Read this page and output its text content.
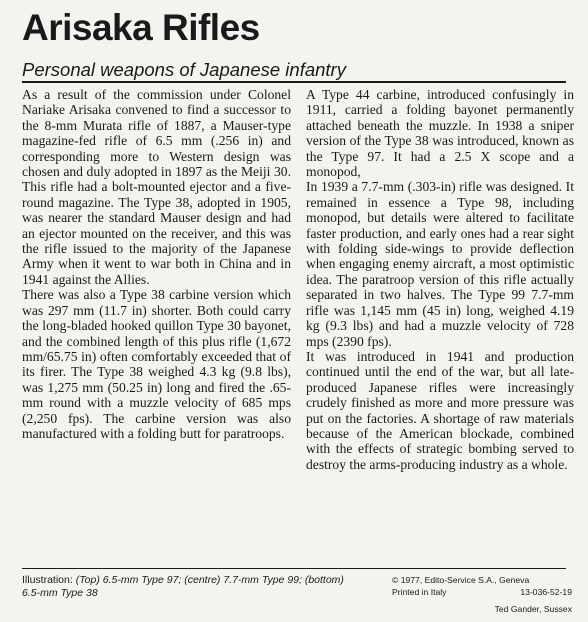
Arisaka Rifles
Personal weapons of Japanese infantry

As a result of the commission under Colonel Nariake Arisaka convened to find a successor to the 8-mm Murata rifle of 1887, a Mauser-type magazine-fed rifle of 6.5 mm (.256 in) and corresponding more to Western design was chosen and duly adopted in 1897 as the Meiji 30. This rifle had a bolt-mounted ejector and a five-round magazine. The Type 38, adopted in 1905, was nearer the standard Mauser design and had an ejector mounted on the receiver, and this was the rifle issued to the majority of the Japanese Army when it went to war both in China and in 1941 against the Allies.

There was also a Type 38 carbine version which was 297 mm (11.7 in) shorter. Both could carry the long-bladed hooked quillon Type 30 bayonet, and the combined length of this plus rifle (1,672 mm/65.75 in) often comfortably exceeded that of its firer. The Type 38 weighed 4.3 kg (9.8 lbs), was 1,275 mm (50.25 in) long and fired the .65-mm round with a muzzle velocity of 685 mps (2,250 fps). The carbine version was also manufactured with a folding butt for paratroops.

A Type 44 carbine, introduced confusingly in 1911, carried a folding bayonet permanently attached beneath the muzzle. In 1938 a sniper version of the Type 38 was introduced, known as the Type 97. It had a 2.5 X scope and a monopod,

In 1939 a 7.7-mm (.303-in) rifle was designed. It remained in essence a Type 98, including monopod, but details were altered to facilitate faster production, and early ones had a rear sight with folding side-wings to provide deflection when engaging enemy aircraft, a most optimistic idea. The paratroop version of this rifle actually separated in two halves. The Type 99 7.7-mm rifle was 1,145 mm (45 in) long, weighed 4.19 kg (9.3 lbs) and had a muzzle velocity of 728 mps (2390 fps).

It was introduced in 1941 and production continued until the end of the war, but all late-produced Japanese rifles were increasingly crudely finished as more and more pressure was put on the factories. A shortage of raw materials because of the American blockade, combined with the effects of strategic bombing served to destroy the arms-producing industry as a whole.

Illustration: (Top) 6.5-mm Type 97; (centre) 7.7-mm Type 99; (bottom) 6.5-mm Type 38
© 1977, Edito-Service S.A., Geneva
Printed in Italy	13-036-52-19
Ted Gander, Sussex
